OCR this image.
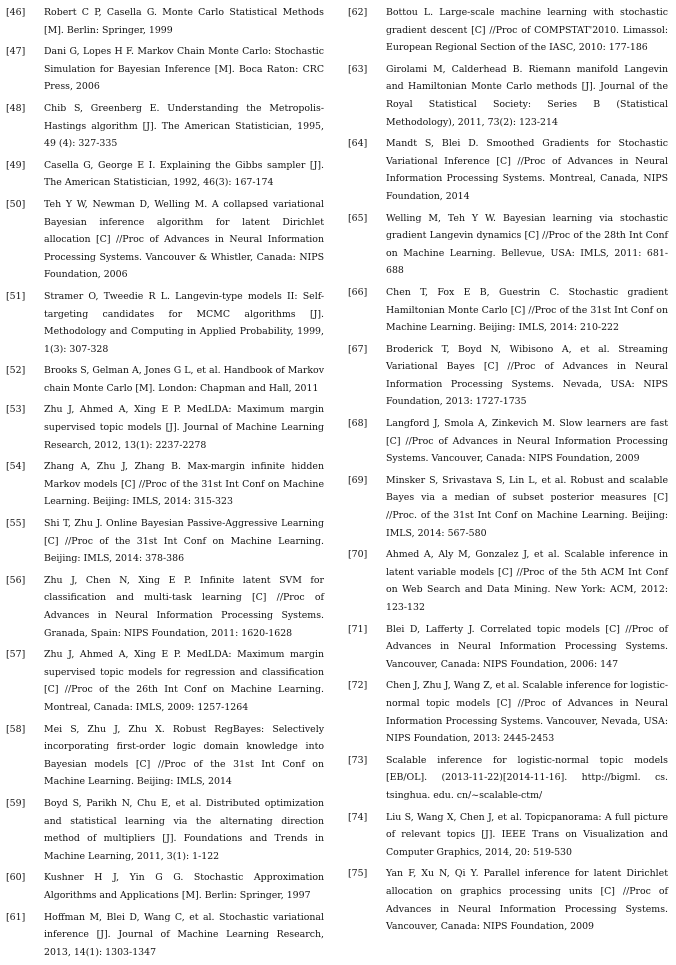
[46]	Robert C P, Casella G. Monte Carlo Statistical Methods [M]. Berlin: Springer, 1999
[47]	Dani G, Lopes H F. Markov Chain Monte Carlo: Stochastic Simulation for Bayesian Inference [M]. Boca Raton: CRC Press, 2006
[48]	Chib S, Greenberg E. Understanding the Metropolis-Hastings algorithm [J]. The American Statistician, 1995, 49 (4): 327-335
[49]	Casella G, George E I. Explaining the Gibbs sampler [J]. The American Statistician, 1992, 46(3): 167-174
[50]	Teh Y W, Newman D, Welling M. A collapsed variational Bayesian inference algorithm for latent Dirichlet allocation [C] //Proc of Advances in Neural Information Processing Systems. Vancouver & Whistler, Canada: NIPS Foundation, 2006
[51]	Stramer O, Tweedie R L. Langevin-type models II: Self-targeting candidates for MCMC algorithms [J]. Methodology and Computing in Applied Probability, 1999, 1(3): 307-328
[52]	Brooks S, Gelman A, Jones G L, et al. Handbook of Markov chain Monte Carlo [M]. London: Chapman and Hall, 2011
[53]	Zhu J, Ahmed A, Xing E P. MedLDA: Maximum margin supervised topic models [J]. Journal of Machine Learning Research, 2012, 13(1): 2237-2278
[54]	Zhang A, Zhu J, Zhang B. Max-margin infinite hidden Markov models [C] //Proc of the 31st Int Conf on Machine Learning. Beijing: IMLS, 2014: 315-323
[55]	Shi T, Zhu J. Online Bayesian Passive-Aggressive Learning [C] //Proc of the 31st Int Conf on Machine Learning. Beijing: IMLS, 2014: 378-386
[56]	Zhu J, Chen N, Xing E P. Infinite latent SVM for classification and multi-task learning [C] //Proc of Advances in Neural Information Processing Systems. Granada, Spain: NIPS Foundation, 2011: 1620-1628
[57]	Zhu J, Ahmed A, Xing E P. MedLDA: Maximum margin supervised topic models for regression and classification [C] //Proc of the 26th Int Conf on Machine Learning. Montreal, Canada: IMLS, 2009: 1257-1264
[58]	Mei S, Zhu J, Zhu X. Robust RegBayes: Selectively incorporating first-order logic domain knowledge into Bayesian models [C] //Proc of the 31st Int Conf on Machine Learning. Beijing: IMLS, 2014
[59]	Boyd S, Parikh N, Chu E, et al. Distributed optimization and statistical learning via the alternating direction method of multipliers [J]. Foundations and Trends in Machine Learning, 2011, 3(1): 1-122
[60]	Kushner H J, Yin G G. Stochastic Approximation Algorithms and Applications [M]. Berlin: Springer, 1997
[61]	Hoffman M, Blei D, Wang C, et al. Stochastic variational inference [J]. Journal of Machine Learning Research, 2013, 14(1): 1303-1347
[62]	Bottou L. Large-scale machine learning with stochastic gradient descent [C] //Proc of COMPSTAT'2010. Limassol: European Regional Section of the IASC, 2010: 177-186
[63]	Girolami M, Calderhead B. Riemann manifold Langevin and Hamiltonian Monte Carlo methods [J]. Journal of the Royal Statistical Society: Series B (Statistical Methodology), 2011, 73(2): 123-214
[64]	Mandt S, Blei D. Smoothed Gradients for Stochastic Variational Inference [C] //Proc of Advances in Neural Information Processing Systems. Montreal, Canada, NIPS Foundation, 2014
[65]	Welling M, Teh Y W. Bayesian learning via stochastic gradient Langevin dynamics [C] //Proc of the 28th Int Conf on Machine Learning. Bellevue, USA: IMLS, 2011: 681-688
[66]	Chen T, Fox E B, Guestrin C. Stochastic gradient Hamiltonian Monte Carlo [C] //Proc of the 31st Int Conf on Machine Learning. Beijing: IMLS, 2014: 210-222
[67]	Broderick T, Boyd N, Wibisono A, et al. Streaming Variational Bayes [C] //Proc of Advances in Neural Information Processing Systems. Nevada, USA: NIPS Foundation, 2013: 1727-1735
[68]	Langford J, Smola A, Zinkevich M. Slow learners are fast [C] //Proc of Advances in Neural Information Processing Systems. Vancouver, Canada: NIPS Foundation, 2009
[69]	Minsker S, Srivastava S, Lin L, et al. Robust and scalable Bayes via a median of subset posterior measures [C] //Proc. of the 31st Int Conf on Machine Learning. Beijing: IMLS, 2014: 567-580
[70]	Ahmed A, Aly M, Gonzalez J, et al. Scalable inference in latent variable models [C] //Proc of the 5th ACM Int Conf on Web Search and Data Mining. New York: ACM, 2012: 123-132
[71]	Blei D, Lafferty J. Correlated topic models [C] //Proc of Advances in Neural Information Processing Systems. Vancouver, Canada: NIPS Foundation, 2006: 147
[72]	Chen J, Zhu J, Wang Z, et al. Scalable inference for logistic-normal topic models [C] //Proc of Advances in Neural Information Processing Systems. Vancouver, Nevada, USA: NIPS Foundation, 2013: 2445-2453
[73]	Scalable inference for logistic-normal topic models [EB/OL]. (2013-11-22)[2014-11-16]. http://bigml. cs. tsinghua. edu. cn/~scalable-ctm/
[74]	Liu S, Wang X, Chen J, et al. Topicpanorama: A full picture of relevant topics [J]. IEEE Trans on Visualization and Computer Graphics, 2014, 20: 519-530
[75]	Yan F, Xu N, Qi Y. Parallel inference for latent Dirichlet allocation on graphics processing units [C] //Proc of Advances in Neural Information Processing Systems. Vancouver, Canada: NIPS Foundation, 2009
